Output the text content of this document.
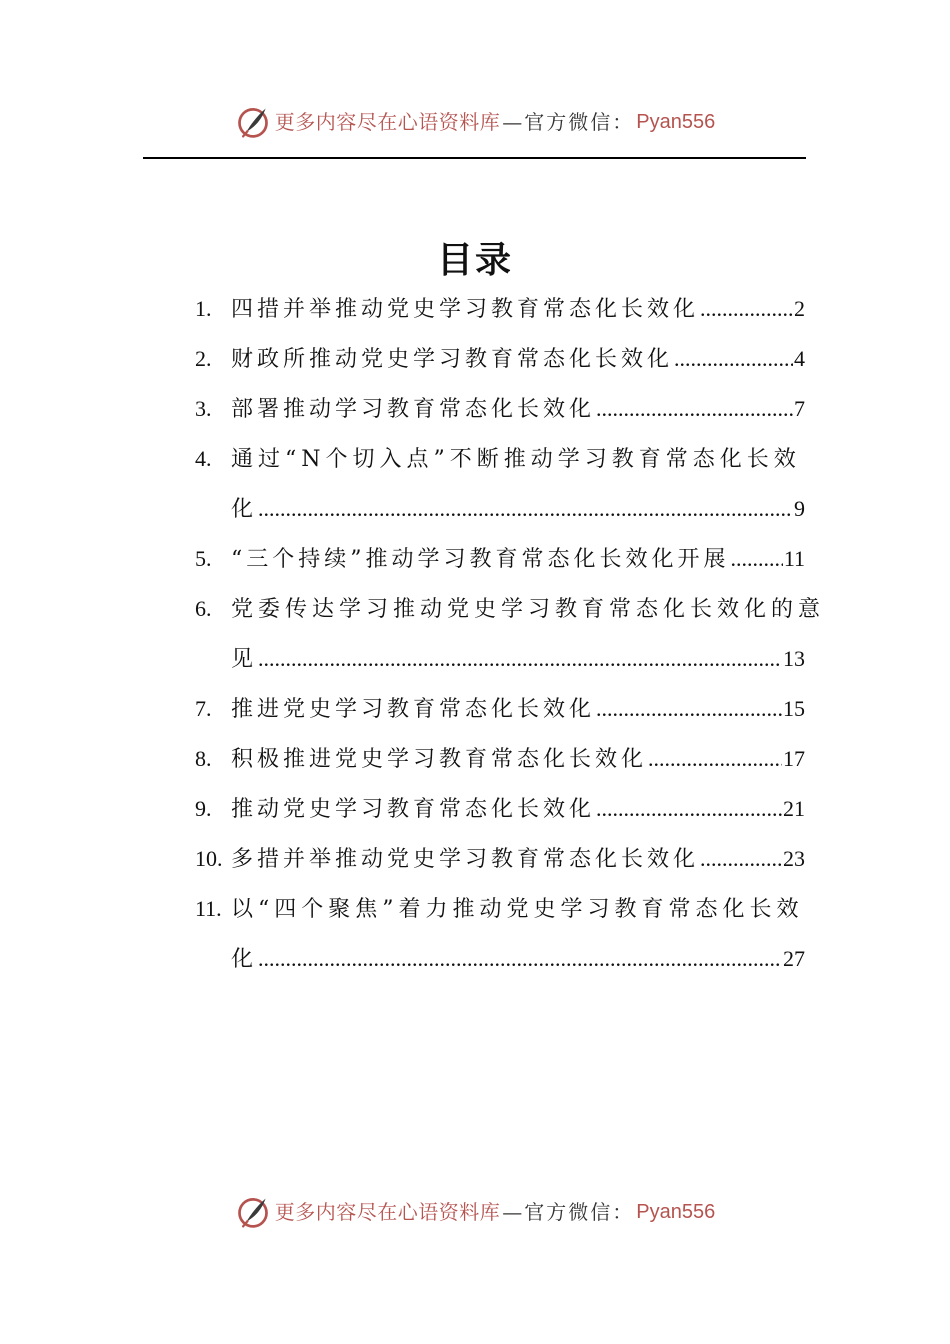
更多内容尽在心语资料库 —官方微信： Pyan556
目录
1. 四措并举推动党史学习教育常态化长效化 .....	2
2. 财政所推动党史学习教育常态化长效化 .....	4
3. 部署推动学习教育常态化长效化 .....	7
4. 通过“N个切入点”不断推动学习教育常态化长效
化 .....	9
5. “三个持续”推动学习教育常态化长效化开展 ..... 11
6. 党委传达学习推动党史学习教育常态化长效化的意
见 .....	13
7. 推进党史学习教育常态化长效化 .....	15
8. 积极推进党史学习教育常态化长效化 .....	17
9. 推动党史学习教育常态化长效化 .....	21
10. 多措并举推动党史学习教育常态化长效化 .....	23
11. 以“四个聚焦”着力推动党史学习教育常态化长效
化 .....	27
更多内容尽在心语资料库 —官方微信： Pyan556
